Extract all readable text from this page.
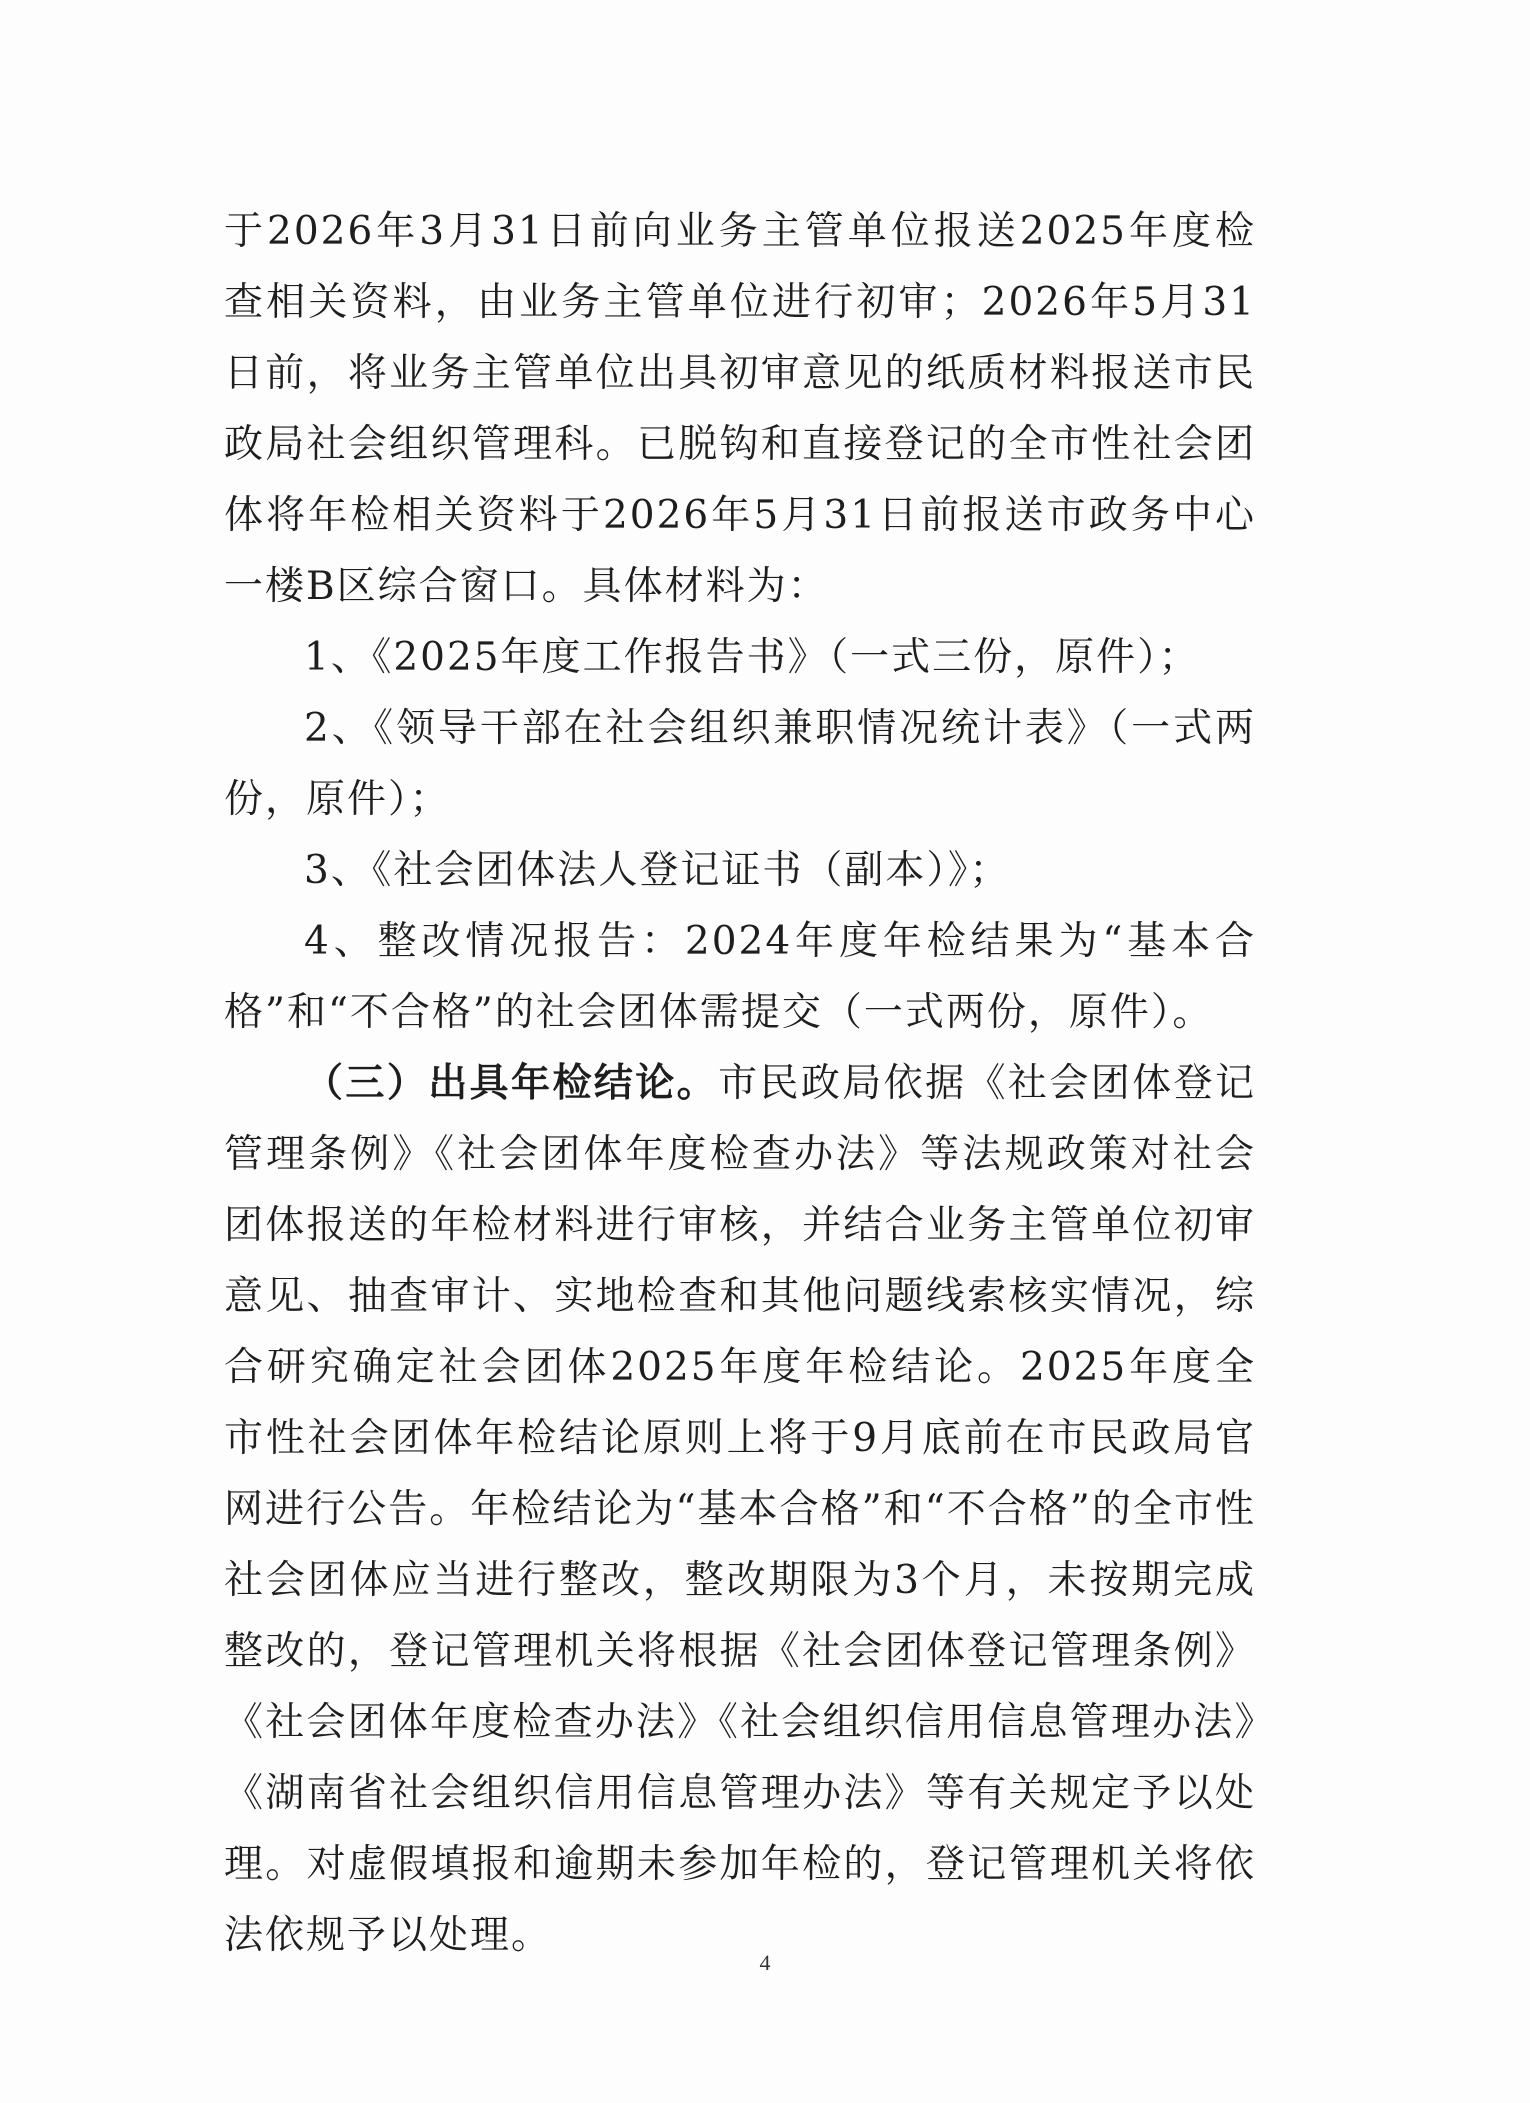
于2026年3月31日前向业务主管单位报送2025年度检查相关资料，由业务主管单位进行初审；2026年5月31日前，将业务主管单位出具初审意见的纸质材料报送市民政局社会组织管理科。已脱钩和直接登记的全市性社会团体将年检相关资料于2026年5月31日前报送市政务中心一楼B区综合窗口。具体材料为：

1、《2025年度工作报告书》（一式三份，原件）；

2、《领导干部在社会组织兼职情况统计表》（一式两份，原件）；

3、《社会团体法人登记证书（副本）》；

4、整改情况报告：2024年度年检结果为“基本合格”和“不合格”的社会团体需提交（一式两份，原件）。

（三）出具年检结论。市民政局依据《社会团体登记管理条例》《社会团体年度检查办法》等法规政策对社会团体报送的年检材料进行审核，并结合业务主管单位初审意见、抽查审计、实地检查和其他问题线索核实情况，综合研究确定社会团体2025年度年检结论。2025年度全市性社会团体年检结论原则上将于9月底前在市民政局官网进行公告。年检结论为“基本合格”和“不合格”的全市性社会团体应当进行整改，整改期限为3个月，未按期完成整改的，登记管理机关将根据《社会团体登记管理条例》《社会团体年度检查办法》《社会组织信用信息管理办法》《湖南省社会组织信用信息管理办法》等有关规定予以处理。对虚假填报和逾期未参加年检的，登记管理机关将依法依规予以处理。

4
